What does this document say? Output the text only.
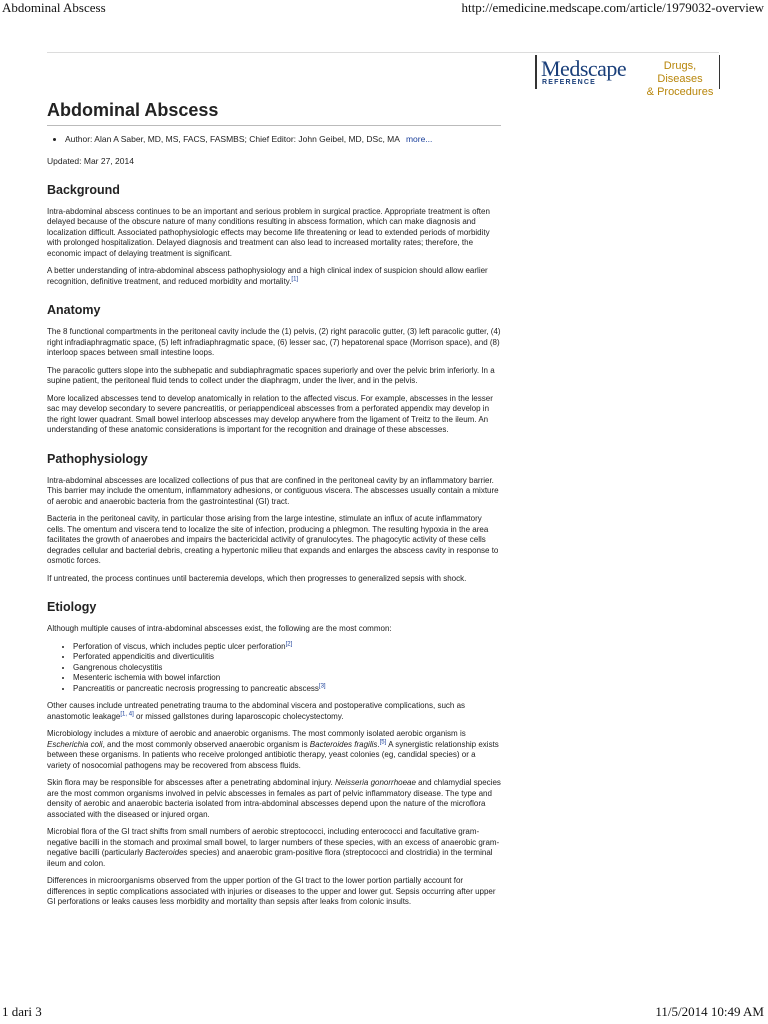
Abdominal Abscess	http://emedicine.medscape.com/article/1979032-overview
Medscape
REFERENCE
Drugs, Diseases
& Procedures
Abdominal Abscess
• Author: Alan A Saber, MD, MS, FACS, FASMBS; Chief Editor: John Geibel, MD, DSc, MA more...

Updated: Mar 27, 2014

Background

Intra-abdominal abscess continues to be an important and serious problem in surgical practice. Appropriate treatment is often delayed because of the obscure nature of many conditions resulting in abscess formation, which can make diagnosis and localization difficult. Associated pathophysiologic effects may become life threatening or lead to extended periods of morbidity with prolonged hospitalization. Delayed diagnosis and treatment can also lead to increased mortality rates; therefore, the economic impact of delaying treatment is significant.

A better understanding of intra-abdominal abscess pathophysiology and a high clinical index of suspicion should allow earlier recognition, definitive treatment, and reduced morbidity and mortality.[1]

Anatomy

The 8 functional compartments in the peritoneal cavity include the (1) pelvis, (2) right paracolic gutter, (3) left paracolic gutter, (4) right infradiaphragmatic space, (5) left infradiaphragmatic space, (6) lesser sac, (7) hepatorenal space (Morrison space), and (8) interloop spaces between small intestine loops.

The paracolic gutters slope into the subhepatic and subdiaphragmatic spaces superiorly and over the pelvic brim inferiorly. In a supine patient, the peritoneal fluid tends to collect under the diaphragm, under the liver, and in the pelvis.

More localized abscesses tend to develop anatomically in relation to the affected viscus. For example, abscesses in the lesser sac may develop secondary to severe pancreatitis, or periappendiceal abscesses from a perforated appendix may develop in the right lower quadrant. Small bowel interloop abscesses may develop anywhere from the ligament of Treitz to the ileum. An understanding of these anatomic considerations is important for the recognition and drainage of these abscesses.

Pathophysiology

Intra-abdominal abscesses are localized collections of pus that are confined in the peritoneal cavity by an inflammatory barrier. This barrier may include the omentum, inflammatory adhesions, or contiguous viscera. The abscesses usually contain a mixture of aerobic and anaerobic bacteria from the gastrointestinal (GI) tract.

Bacteria in the peritoneal cavity, in particular those arising from the large intestine, stimulate an influx of acute inflammatory cells. The omentum and viscera tend to localize the site of infection, producing a phlegmon. The resulting hypoxia in the area facilitates the growth of anaerobes and impairs the bactericidal activity of granulocytes. The phagocytic activity of these cells degrades cellular and bacterial debris, creating a hypertonic milieu that expands and enlarges the abscess cavity in response to osmotic forces.

If untreated, the process continues until bacteremia develops, which then progresses to generalized sepsis with shock.

Etiology

Although multiple causes of intra-abdominal abscesses exist, the following are the most common:

• Perforation of viscus, which includes peptic ulcer perforation[2]
• Perforated appendicitis and diverticulitis
• Gangrenous cholecystitis
• Mesenteric ischemia with bowel infarction
• Pancreatitis or pancreatic necrosis progressing to pancreatic abscess[3]

Other causes include untreated penetrating trauma to the abdominal viscera and postoperative complications, such as anastomotic leakage[1, 4] or missed gallstones during laparoscopic cholecystectomy.

Microbiology includes a mixture of aerobic and anaerobic organisms. The most commonly isolated aerobic organism is Escherichia coli, and the most commonly observed anaerobic organism is Bacteroides fragilis.[5] A synergistic relationship exists between these organisms. In patients who receive prolonged antibiotic therapy, yeast colonies (eg, candidal species) or a variety of nosocomial pathogens may be recovered from abscess fluids.

Skin flora may be responsible for abscesses after a penetrating abdominal injury. Neisseria gonorrhoeae and chlamydial species are the most common organisms involved in pelvic abscesses in females as part of pelvic inflammatory disease. The type and density of aerobic and anaerobic bacteria isolated from intra-abdominal abscesses depend upon the nature of the microflora associated with the diseased or injured organ.

Microbial flora of the GI tract shifts from small numbers of aerobic streptococci, including enterococci and facultative gram-negative bacilli in the stomach and proximal small bowel, to larger numbers of these species, with an excess of anaerobic gram-negative bacilli (particularly Bacteroides species) and anaerobic gram-positive flora (streptococci and clostridia) in the terminal ileum and colon.

Differences in microorganisms observed from the upper portion of the GI tract to the lower portion partially account for differences in septic complications associated with injuries or diseases to the upper and lower gut. Sepsis occurring after upper GI perforations or leaks causes less morbidity and mortality than sepsis after leaks from colonic insults.

1 dari 3	11/5/2014 10:49 AM
